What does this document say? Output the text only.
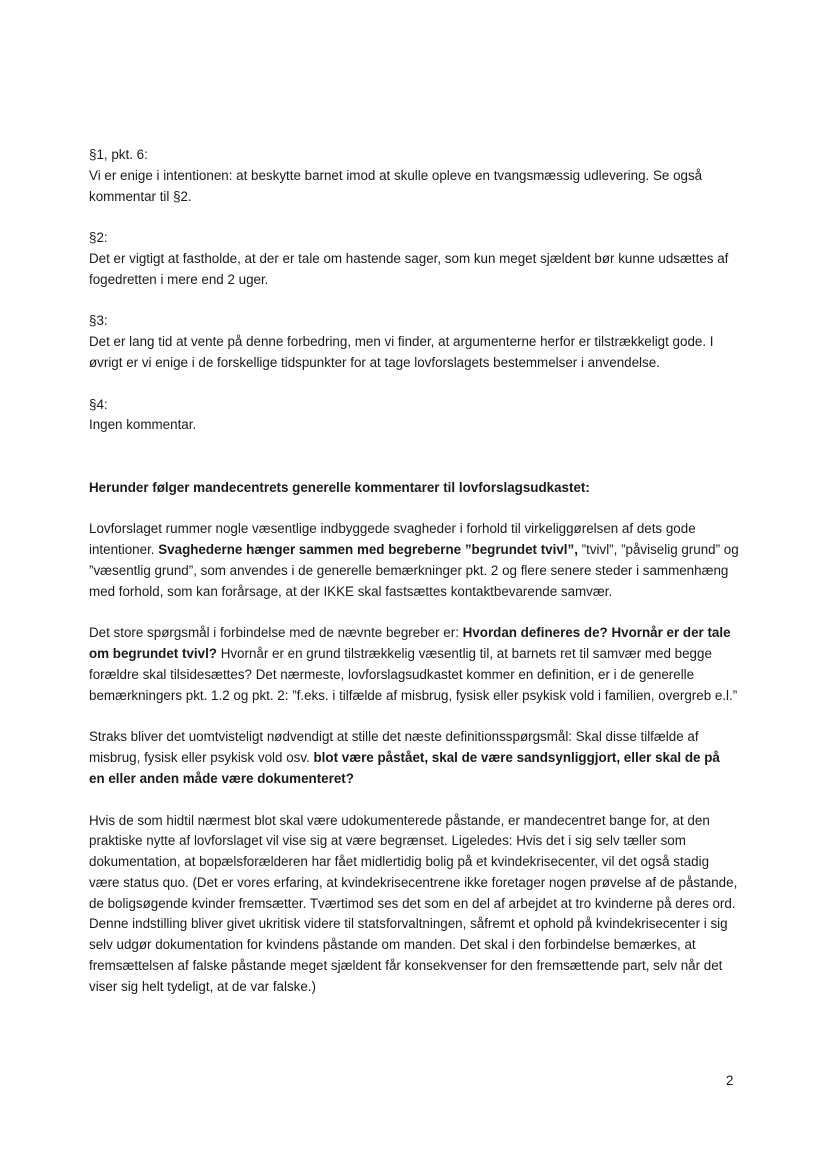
§1, pkt. 6:

Vi er enige i intentionen: at beskytte barnet imod at skulle opleve en tvangsmæssig udlevering. Se også kommentar til §2.

§2:

Det er vigtigt at fastholde, at der er tale om hastende sager, som kun meget sjældent bør kunne udsættes af fogedretten i mere end 2 uger.

§3:

Det er lang tid at vente på denne forbedring, men vi finder, at argumenterne herfor er tilstrækkeligt gode. I øvrigt er vi enige i de forskellige tidspunkter for at tage lovforslagets bestemmelser i anvendelse.

§4:

Ingen kommentar.

Herunder følger mandecentrets generelle kommentarer til lovforslagsudkastet:

Lovforslaget rummer nogle væsentlige indbyggede svagheder i forhold til virkeliggørelsen af dets gode intentioner. Svaghederne hænger sammen med begreberne ”begrundet tvivl”, ”tvivl”, ”påviselig grund” og ”væsentlig grund”, som anvendes i de generelle bemærkninger pkt. 2 og flere senere steder i sammenhæng med forhold, som kan forårsage, at der IKKE skal fastsættes kontaktbevarende samvær.

Det store spørgsmål i forbindelse med de nævnte begreber er: Hvordan defineres de? Hvornår er der tale om begrundet tvivl? Hvornår er en grund tilstrækkelig væsentlig til, at barnets ret til samvær med begge forældre skal tilsidesættes? Det nærmeste, lovforslagsudkastet kommer en definition, er i de generelle bemærkningers pkt. 1.2 og pkt. 2: ”f.eks. i tilfælde af misbrug, fysisk eller psykisk vold i familien, overgreb e.l.”

Straks bliver det uomtvisteligt nødvendigt at stille det næste definitionsspørgsmål: Skal disse tilfælde af misbrug, fysisk eller psykisk vold osv. blot være påstået, skal de være sandsynliggjort, eller skal de på en eller anden måde være dokumenteret?

Hvis de som hidtil nærmest blot skal være udokumenterede påstande, er mandecentret bange for, at den praktiske nytte af lovforslaget vil vise sig at være begrænset. Ligeledes: Hvis det i sig selv tæller som dokumentation, at bopælsforælderen har fået midlertidig bolig på et kvindekrisecenter, vil det også stadig være status quo. (Det er vores erfaring, at kvindekrisecentrene ikke foretager nogen prøvelse af de påstande, de boligsøgende kvinder fremsætter. Tværtimod ses det som en del af arbejdet at tro kvinderne på deres ord. Denne indstilling bliver givet ukritisk videre til statsforvaltningen, såfremt et ophold på kvindekrisecenter i sig selv udgør dokumentation for kvindens påstande om manden. Det skal i den forbindelse bemærkes, at fremsættelsen af falske påstande meget sjældent får konsekvenser for den fremsættende part, selv når det viser sig helt tydeligt, at de var falske.)

2
